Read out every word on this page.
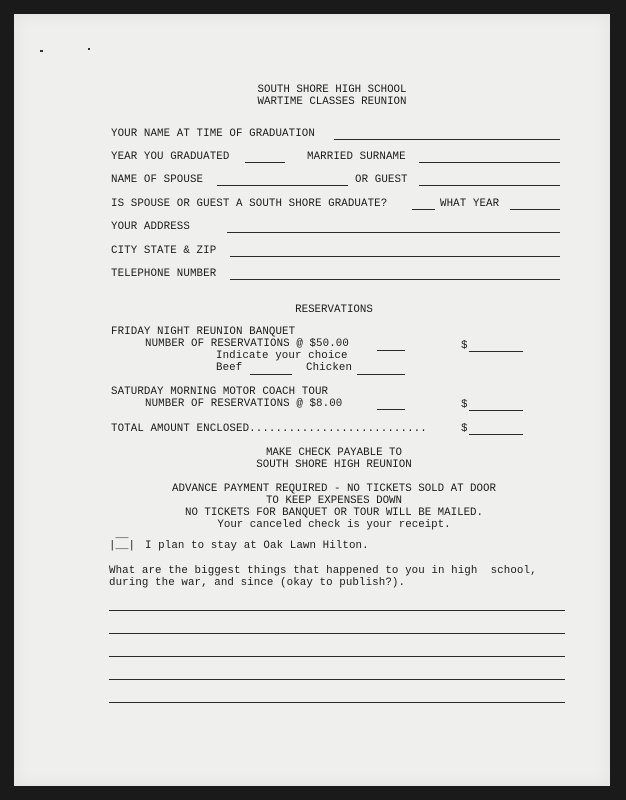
SOUTH SHORE HIGH SCHOOL
WARTIME CLASSES REUNION
YOUR NAME AT TIME OF GRADUATION
YEAR YOU GRADUATED	MARRIED SURNAME
NAME OF SPOUSE	OR GUEST
IS SPOUSE OR GUEST A SOUTH SHORE GRADUATE?	WHAT YEAR
YOUR ADDRESS
CITY STATE & ZIP
TELEPHONE NUMBER
RESERVATIONS
FRIDAY NIGHT REUNION BANQUET
NUMBER OF RESERVATIONS @ $50.00	$
Indicate your choice
Beef	Chicken
SATURDAY MORNING MOTOR COACH TOUR
NUMBER OF RESERVATIONS @ $8.00	$
TOTAL AMOUNT ENCLOSED...........................	$
MAKE CHECK PAYABLE TO
SOUTH SHORE HIGH REUNION
ADVANCE PAYMENT REQUIRED - NO TICKETS SOLD AT DOOR
TO KEEP EXPENSES DOWN
NO TICKETS FOR BANQUET OR TOUR WILL BE MAILED.
Your canceled check is your receipt.
__
|__| I plan to stay at Oak Lawn Hilton.
What are the biggest things that happened to you in high  school,
during the war, and since (okay to publish?).
